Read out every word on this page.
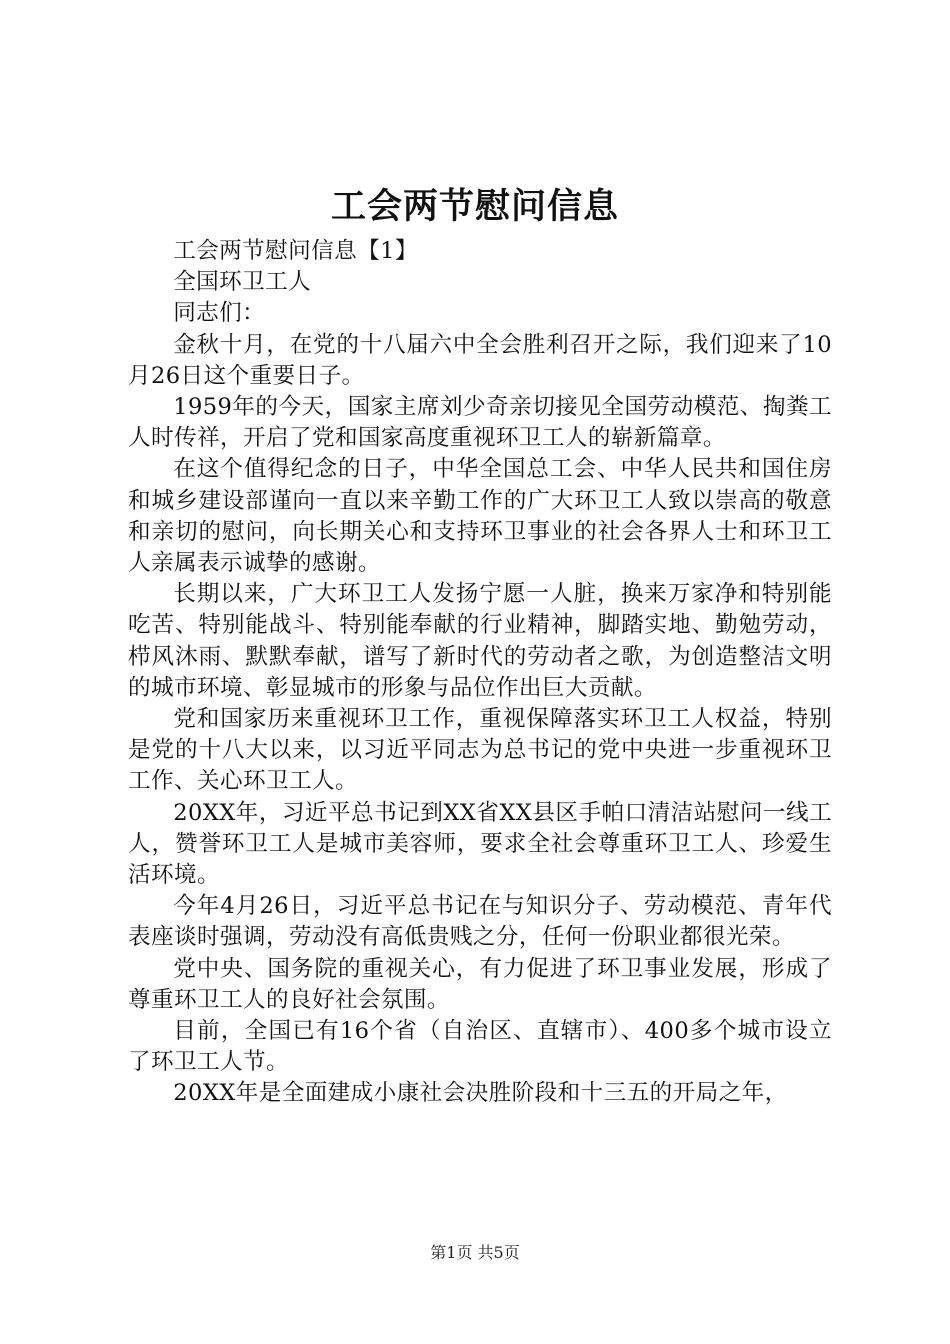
工会两节慰问信息

工会两节慰问信息【1】

全国环卫工人

同志们：

金秋十月，在党的十八届六中全会胜利召开之际，我们迎来了10月26日这个重要日子。

1959年的今天，国家主席刘少奇亲切接见全国劳动模范、掏粪工人时传祥，开启了党和国家高度重视环卫工人的崭新篇章。

在这个值得纪念的日子，中华全国总工会、中华人民共和国住房和城乡建设部谨向一直以来辛勤工作的广大环卫工人致以崇高的敬意和亲切的慰问，向长期关心和支持环卫事业的社会各界人士和环卫工人亲属表示诚挚的感谢。

长期以来，广大环卫工人发扬宁愿一人脏，换来万家净和特别能吃苦、特别能战斗、特别能奉献的行业精神，脚踏实地、勤勉劳动，栉风沐雨、默默奉献，谱写了新时代的劳动者之歌，为创造整洁文明的城市环境、彰显城市的形象与品位作出巨大贡献。

党和国家历来重视环卫工作，重视保障落实环卫工人权益，特别是党的十八大以来，以习近平同志为总书记的党中央进一步重视环卫工作、关心环卫工人。

20XX年，习近平总书记到XX省XX县区手帕口清洁站慰问一线工人，赞誉环卫工人是城市美容师，要求全社会尊重环卫工人、珍爱生活环境。

今年4月26日，习近平总书记在与知识分子、劳动模范、青年代表座谈时强调，劳动没有高低贵贱之分，任何一份职业都很光荣。

党中央、国务院的重视关心，有力促进了环卫事业发展，形成了尊重环卫工人的良好社会氛围。

目前，全国已有16个省（自治区、直辖市）、400多个城市设立了环卫工人节。

20XX年是全面建成小康社会决胜阶段和十三五的开局之年，

第1页 共5页
